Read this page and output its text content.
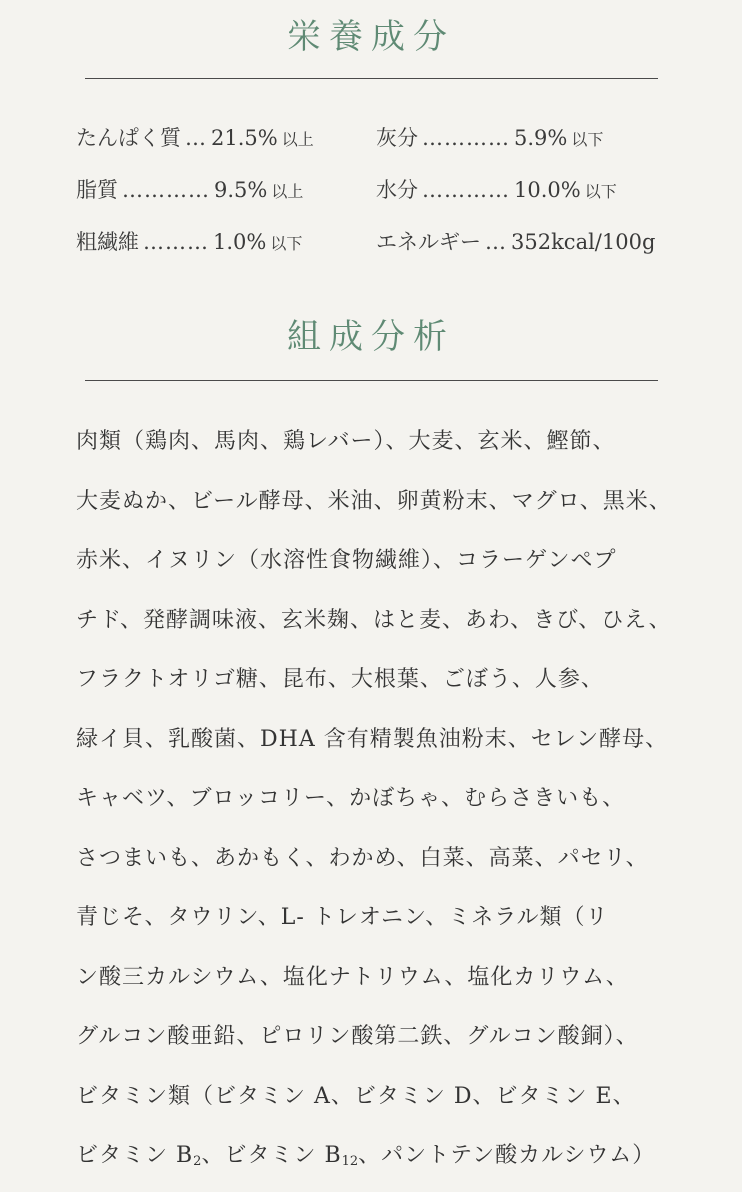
栄養成分
たんぱく質 … 21.5% 以上	灰分 ………… 5.9% 以下
脂質 ………… 9.5% 以上	水分 ………… 10.0% 以下
粗繊維 ……… 1.0% 以下	エネルギー … 352kcal/100g
組成分析
肉類（鶏肉、馬肉、鶏レバー）、大麦、玄米、鰹節、
大麦ぬか、ビール酵母、米油、卵黄粉末、マグロ、黒米、
赤米、イヌリン（水溶性食物繊維）、コラーゲンペプ
チド、発酵調味液、玄米麹、はと麦、あわ、きび、ひえ、
フラクトオリゴ糖、昆布、大根葉、ごぼう、人参、
緑イ貝、乳酸菌、DHA 含有精製魚油粉末、セレン酵母、
キャベツ、ブロッコリー、かぼちゃ、むらさきいも、
さつまいも、あかもく、わかめ、白菜、高菜、パセリ、
青じそ、タウリン、L- トレオニン、ミネラル類（リ
ン酸三カルシウム、塩化ナトリウム、塩化カリウム、
グルコン酸亜鉛、ピロリン酸第二鉄、グルコン酸銅）、
ビタミン類（ビタミン A、ビタミン D、ビタミン E、
ビタミン $B_2$、ビタミン $B_{12}$、パントテン酸カルシウム）
